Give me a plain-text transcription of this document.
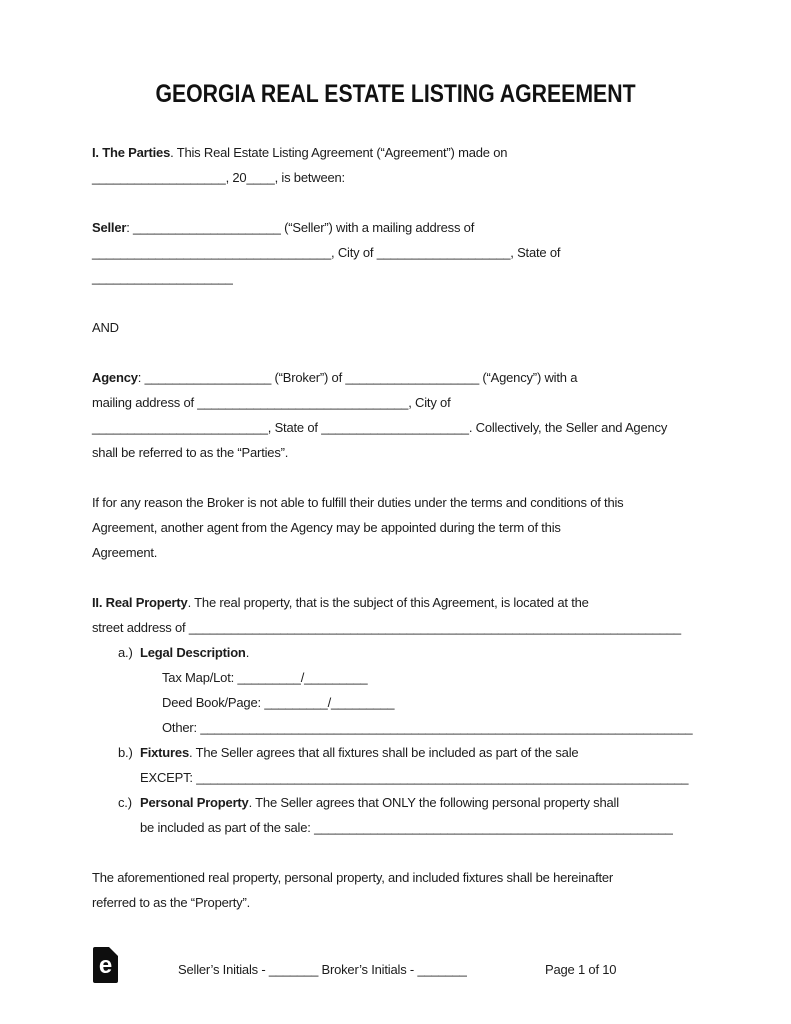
GEORGIA REAL ESTATE LISTING AGREEMENT
I. The Parties. This Real Estate Listing Agreement (“Agreement”) made on
___________________, 20____, is between:
Seller: _____________________ (“Seller”) with a mailing address of
__________________________________, City of ___________________, State of
____________________
AND
Agency: __________________ (“Broker”) of ___________________ (“Agency”) with a
mailing address of ______________________________, City of
_________________________, State of _____________________. Collectively, the Seller and Agency
shall be referred to as the “Parties”.
If for any reason the Broker is not able to fulfill their duties under the terms and conditions of this
Agreement, another agent from the Agency may be appointed during the term of this
Agreement.
II. Real Property. The real property, that is the subject of this Agreement, is located at the
street address of ______________________________________________________________________
a.) Legal Description.
Tax Map/Lot: _________/_________
Deed Book/Page: _________/_________
Other: ______________________________________________________________________
b.) Fixtures. The Seller agrees that all fixtures shall be included as part of the sale
EXCEPT: ______________________________________________________________________
c.) Personal Property. The Seller agrees that ONLY the following personal property shall
be included as part of the sale: ___________________________________________________
The aforementioned real property, personal property, and included fixtures shall be hereinafter
referred to as the “Property”.
e	Seller’s Initials - _______ Broker’s Initials - _______	Page 1 of 10
